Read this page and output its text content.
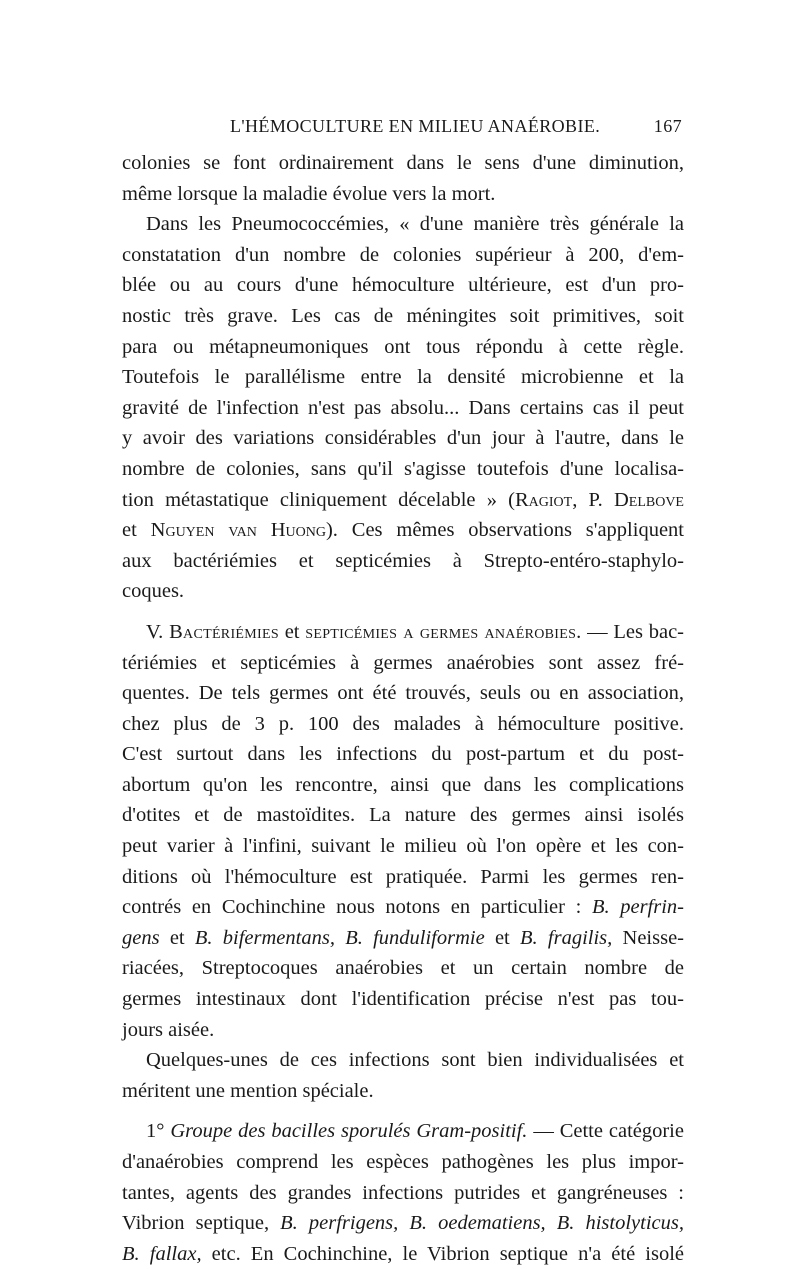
L'HÉMOCULTURE EN MILIEU ANAÉROBIE.	167
colonies se font ordinairement dans le sens d'une diminution,
même lorsque la maladie évolue vers la mort.
Dans les Pneumococcémies, « d'une manière très générale la
constatation d'un nombre de colonies supérieur à 200, d'em-
blée ou au cours d'une hémoculture ultérieure, est d'un pro-
nostic très grave. Les cas de méningites soit primitives, soit
para ou métapneumoniques ont tous répondu à cette règle.
Toutefois le parallélisme entre la densité microbienne et la
gravité de l'infection n'est pas absolu... Dans certains cas il peut
y avoir des variations considérables d'un jour à l'autre, dans le
nombre de colonies, sans qu'il s'agisse toutefois d'une localisa-
tion métastatique cliniquement décelable » (Ragiot, P. Delbove
et Nguyen van Huong). Ces mêmes observations s'appliquent
aux bactériémies et septicémies à Strepto-entéro-staphylo-
coques.
V. Bactériémies et septicémies a germes anaérobies. — Les bac-
tériémies et septicémies à germes anaérobies sont assez fré-
quentes. De tels germes ont été trouvés, seuls ou en association,
chez plus de 3 p. 100 des malades à hémoculture positive.
C'est surtout dans les infections du post-partum et du post-
abortum qu'on les rencontre, ainsi que dans les complications
d'otites et de mastoïdites. La nature des germes ainsi isolés
peut varier à l'infini, suivant le milieu où l'on opère et les con-
ditions où l'hémoculture est pratiquée. Parmi les germes ren-
contrés en Cochinchine nous notons en particulier : B. perfrin-
gens et B. bifermentans, B. funduliformie et B. fragilis, Neisse-
riacées, Streptocoques anaérobies et un certain nombre de
germes intestinaux dont l'identification précise n'est pas tou-
jours aisée.
Quelques-unes de ces infections sont bien individualisées et
méritent une mention spéciale.
1° Groupe des bacilles sporulés Gram-positif. — Cette catégorie
d'anaérobies comprend les espèces pathogènes les plus impor-
tantes, agents des grandes infections putrides et gangréneuses :
Vibrion septique, B. perfrigens, B. oedematiens, B. histolyticus,
B. fallax, etc. En Cochinchine, le Vibrion septique n'a été isolé
